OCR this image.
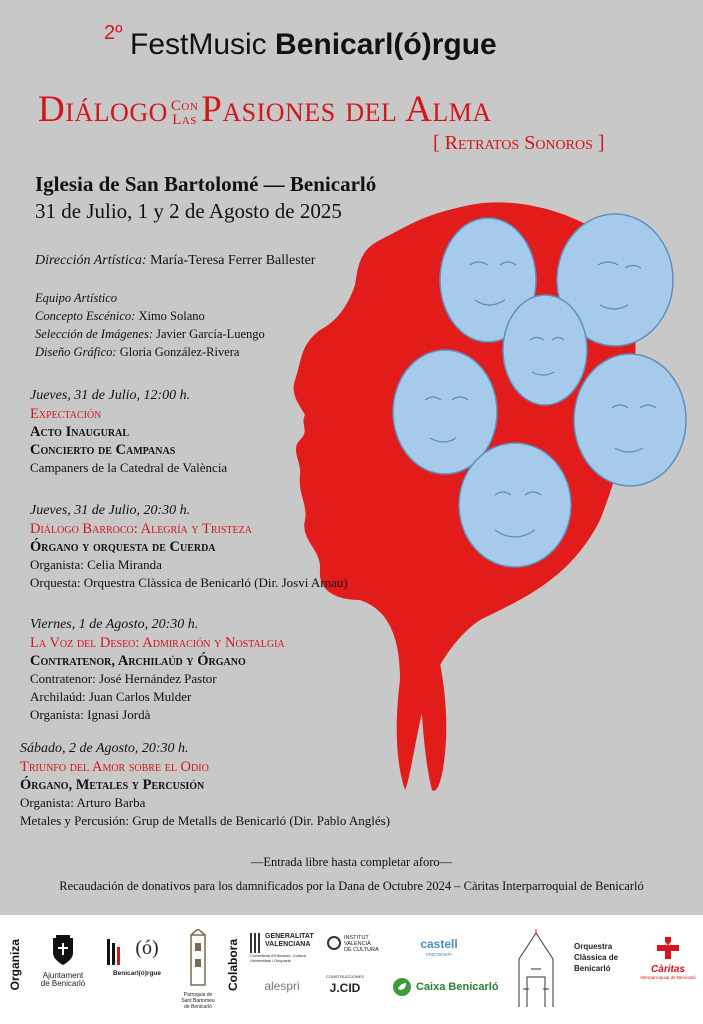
2º FestMusic Benicarl(ó)rgue
Diálogo Con
Las Pasiones del Alma
[ Retratos Sonoros ]
Iglesia de San Bartolomé — Benicarló
31 de Julio, 1 y 2 de Agosto de 2025
Dirección Artística: María-Teresa Ferrer Ballester
Equipo Artístico
Concepto Escénico: Ximo Solano
Selección de Imágenes: Javier García-Luengo
Diseño Gráfico: Gloria González-Rivera
Jueves, 31 de Julio, 12:00 h.
Expectación
Acto Inaugural
Concierto de Campanas
Campaners de la Catedral de València
Jueves, 31 de Julio, 20:30 h.
Diálogo Barroco: Alegría y Tristeza
Órgano y orquesta de Cuerda
Organista: Celia Miranda
Orquesta: Orquestra Clàssica de Benicarló (Dir. Josvi Arnau)
Viernes, 1 de Agosto, 20:30 h.
La Voz del Deseo: Admiración y Nostalgia
Contratenor, Archilaúd y Órgano
Contratenor: José Hernández Pastor
Archilaúd: Juan Carlos Mulder
Organista: Ignasi Jordà
Sábado, 2 de Agosto, 20:30 h.
Triunfo del Amor sobre el Odio
Órgano, Metales y Percusión
Organista: Arturo Barba
Metales y Percusión: Grup de Metalls de Benicarló (Dir. Pablo Anglés)
—Entrada libre hasta completar aforo—
Recaudación de donativos para los damnificados por la Dana de Octubre 2024 – Càritas Interparroquial de Benicarló
Organiza	Ajuntament
de Benicarló
(ó)
Benicarl(ó)rgue
Parroquia de Sant Bartomeu de Benicarló
Colabora
GENERALITAT
VALENCIANA
Conselleria d'Educació, Cultura, Universitats i Ocupació
INSTITUT
VALENCIÀ
DE CULTURA	castell
improvisem
alespri
CONSTRUCCIONES
J.CID	Caixa Benicarló
Orquestra
Clàssica de
Benicarló	Càritas
Interparroquial de Benicarló
